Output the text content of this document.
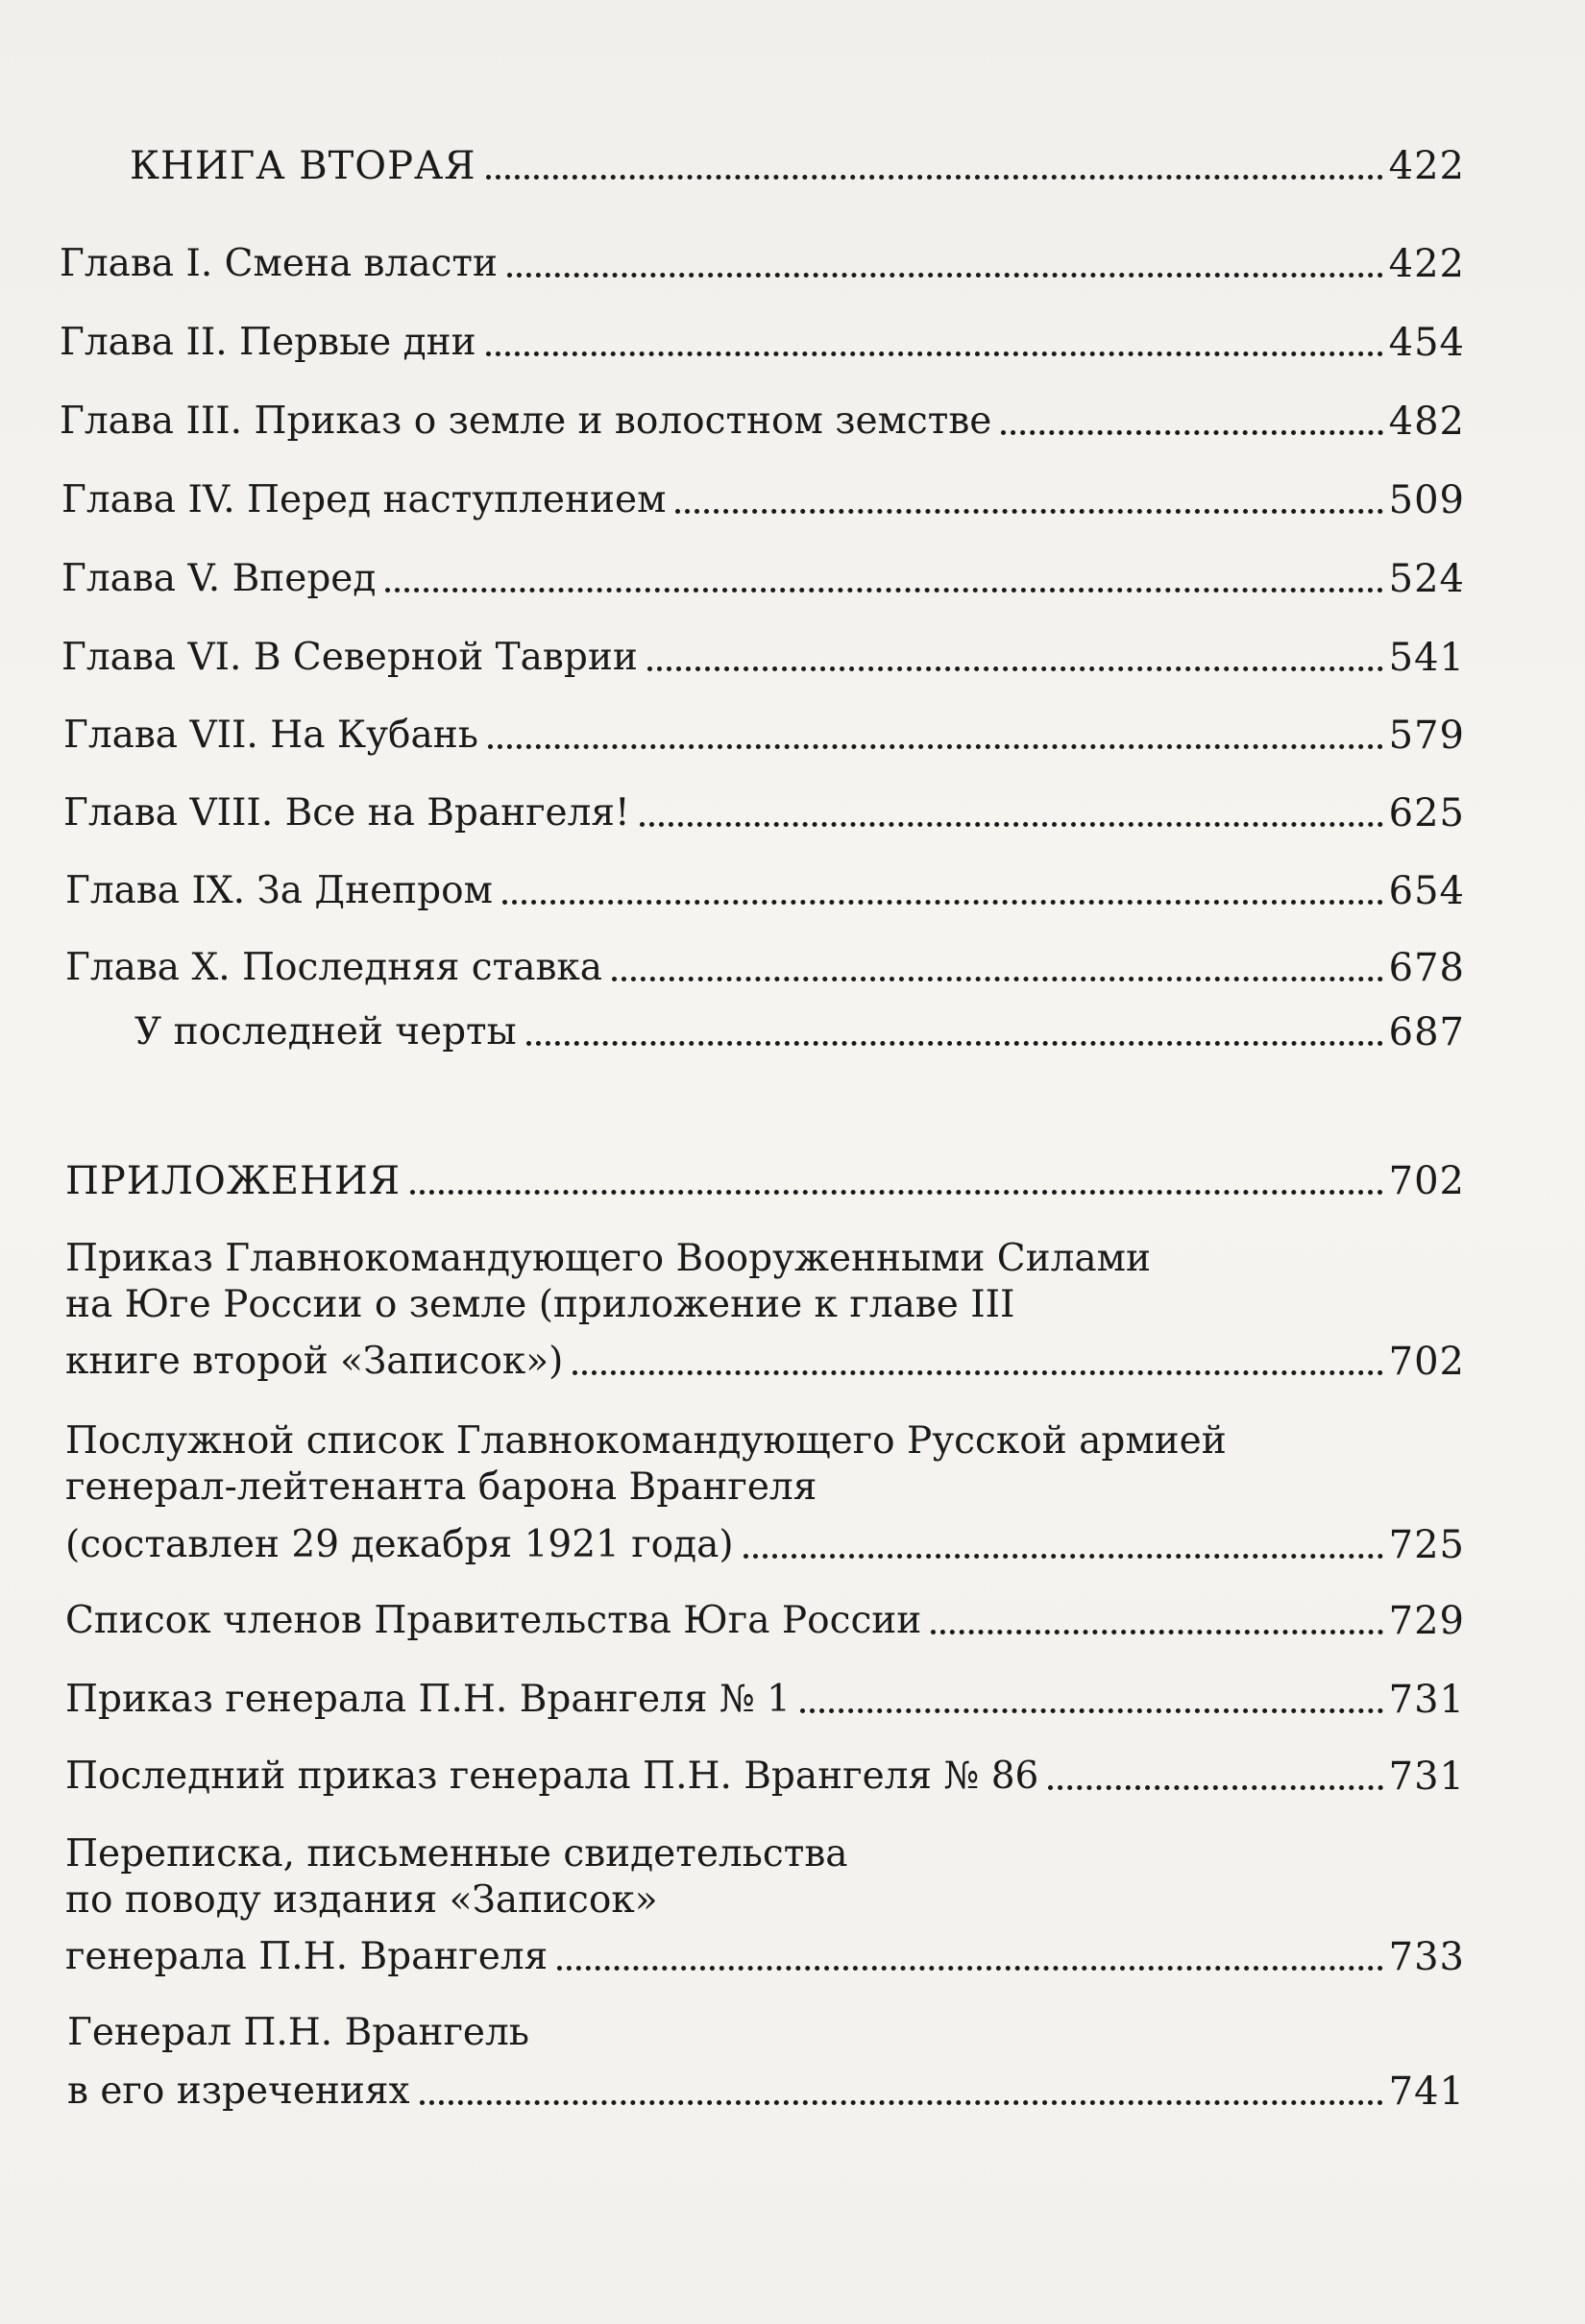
КНИГА ВТОРАЯ	422
Глава I. Смена власти	422
Глава II. Первые дни	454
Глава III. Приказ о земле и волостном земстве	482
Глава IV. Перед наступлением	509
Глава V. Вперед	524
Глава VI. В Северной Таврии	541
Глава VII. На Кубань	579
Глава VIII. Все на Врангеля!	625
Глава IX. За Днепром	654
Глава X. Последняя ставка	678
У последней черты	687
ПРИЛОЖЕНИЯ	702
Приказ Главнокомандующего Вооруженными Силами
на Юге России о земле (приложение к главе III
книге второй «Записок»)	702
Послужной список Главнокомандующего Русской армией
генерал-лейтенанта барона Врангеля
(составлен 29 декабря 1921 года)	725
Список членов Правительства Юга России	729
Приказ генерала П.Н. Врангеля № 1	731
Последний приказ генерала П.Н. Врангеля № 86	731
Переписка, письменные свидетельства
по поводу издания «Записок»
генерала П.Н. Врангеля	733
Генерал П.Н. Врангель
в его изречениях	741
